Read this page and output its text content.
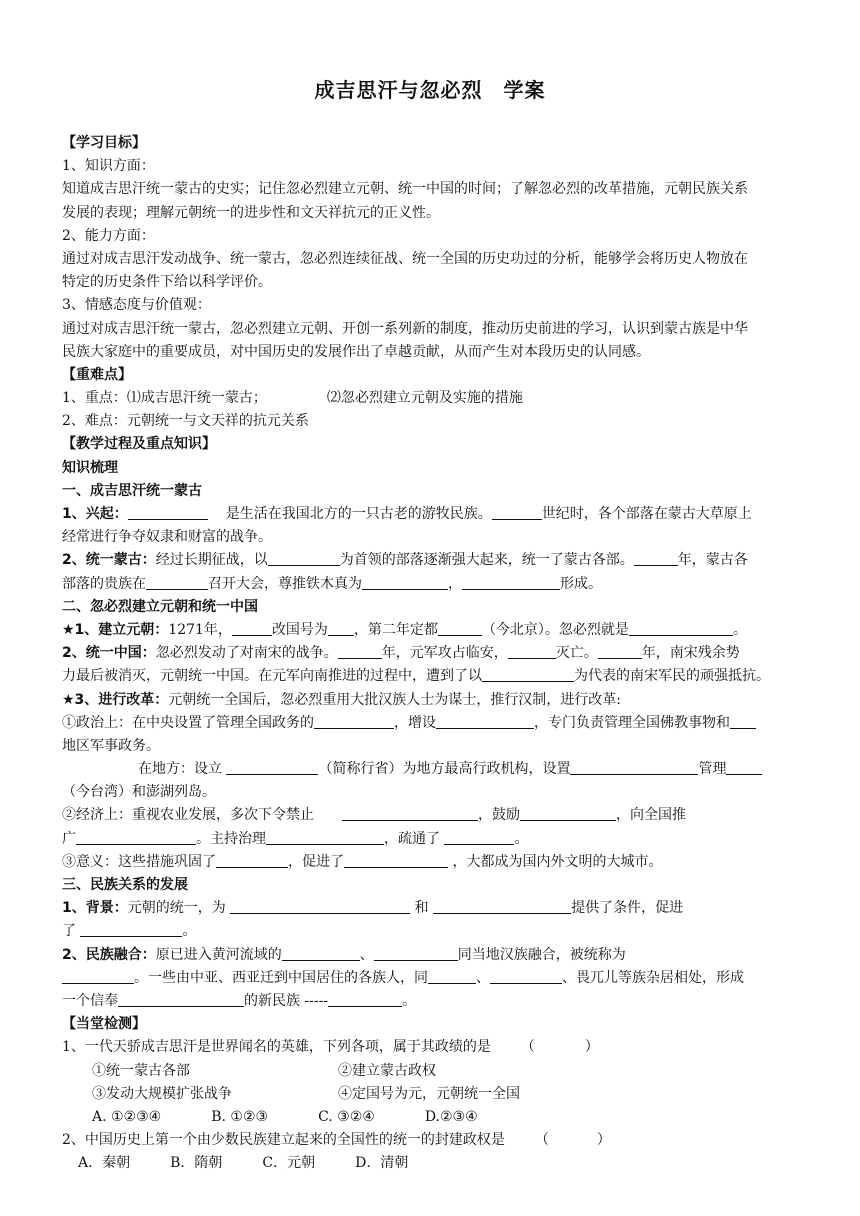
成吉思汗与忽必烈　学案
【学习目标】
1、知识方面：
知道成吉思汗统一蒙古的史实；记住忽必烈建立元朝、统一中国的时间；了解忽必烈的改革措施，元朝民族关系
发展的表现；理解元朝统一的进步性和文天祥抗元的正义性。
2、能力方面：
通过对成吉思汗发动战争、统一蒙古，忽必烈连续征战、统一全国的历史功过的分析，能够学会将历史人物放在
特定的历史条件下给以科学评价。
3、情感态度与价值观：
通过对成吉思汗统一蒙古，忽必烈建立元朝、开创一系列新的制度，推动历史前进的学习，认识到蒙古族是中华
民族大家庭中的重要成员，对中国历史的发展作出了卓越贡献，从而产生对本段历史的认同感。
【重难点】
1、重点：⑴成吉思汗统一蒙古；	⑵忽必烈建立元朝及实施的措施
2、难点：元朝统一与文天祥的抗元关系
【教学过程及重点知识】
知识梳理
一、成吉思汗统一蒙古
1、兴起：	是生活在我国北方的一只古老的游牧民族。	世纪时，各个部落在蒙古大草原上
经常进行争夺奴隶和财富的战争。
2、统一蒙古：经过长期征战，以	为首领的部落逐渐强大起来，统一了蒙古各部。	年，蒙古各
部落的贵族在	召开大会，尊推铁木真为	，	形成。
二、忽必烈建立元朝和统一中国
★1、建立元朝：1271年，	改国号为 ，第二年定都	（今北京）。忽必烈就是	。
2、统一中国：忽必烈发动了对南宋的战争。	年，元军攻占临安，	灭亡。	年，南宋残余势
力最后被消灭，元朝统一中国。在元军向南推进的过程中，遭到了以	为代表的南宋军民的顽强抵抗。
★3、进行改革：元朝统一全国后，忽必烈重用大批汉族人士为谋士，推行汉制，进行改革:
①政治上：在中央设置了管理全国政务的	，增设	，专门负责管理全国佛教事物和
地区军事政务。
在地方：设立	（简称行省）为地方最高行政机构，设置	管理
（今台湾）和澎湖列岛。
②经济上：重视农业发展，多次下令禁止	，鼓励	，向全国推
广	。主持治理	，疏通了	。
③意义：这些措施巩固了	，促进了	，大都成为国内外文明的大城市。
三、民族关系的发展
1、背景：元朝的统一，为	和	提供了条件，促进
了	。
2、民族融合：原已进入黄河流域的	、	同当地汉族融合，被统称为
。一些由中亚、西亚迁到中国居住的各族人，同	、	、畏兀儿等族杂居相处，形成
一个信奉	的新民族 -----	。
【当堂检测】
1、一代天骄成吉思汗是世界闻名的英雄，下列各项，属于其政绩的是 （	）
①统一蒙古各部	②建立蒙古政权
③发动大规模扩张战争	④定国号为元，元朝统一全国
A. ①②③④	B. ①②③	C. ③②④	D.②③④
2、中国历史上第一个由少数民族建立起来的全国性的统一的封建政权是 （	）
A．秦朝	B．隋朝	C．元朝	D．清朝
